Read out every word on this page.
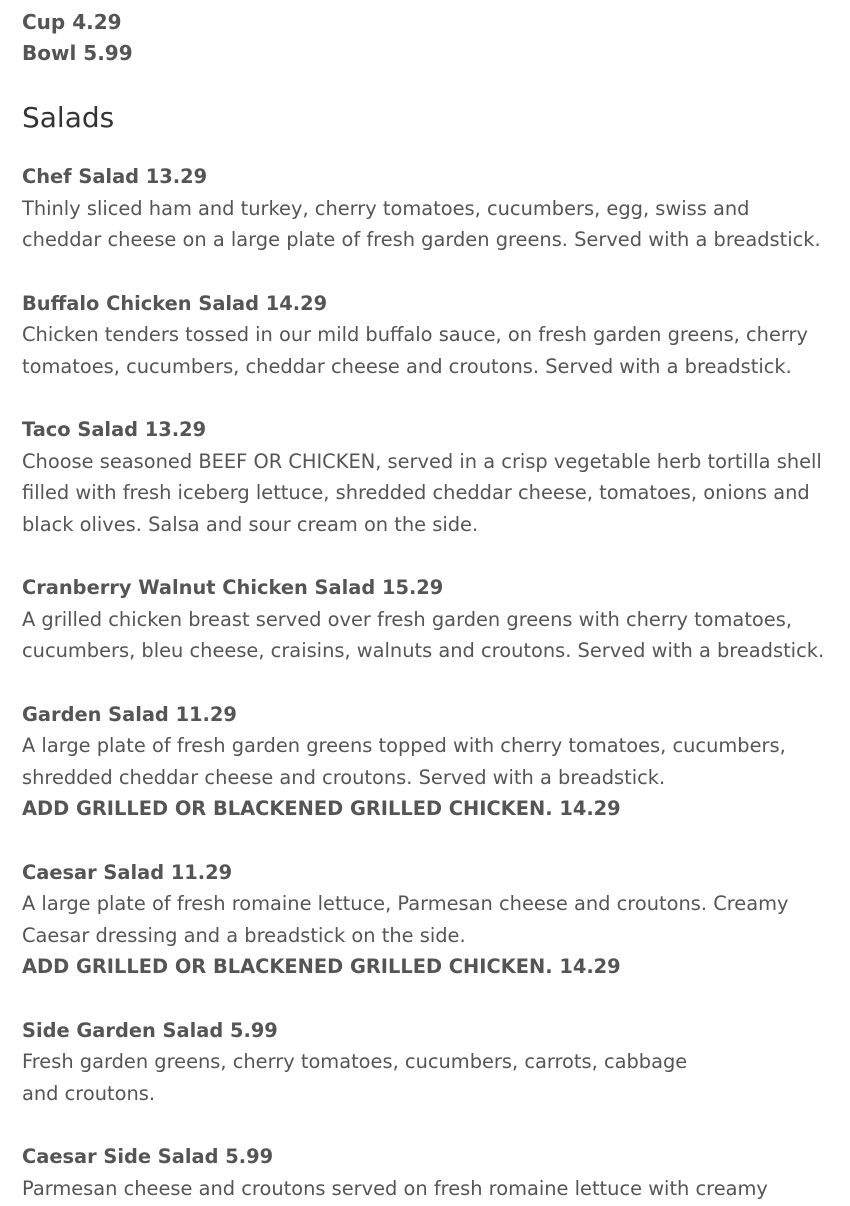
Cup 4.29
Bowl 5.99
Salads
Chef Salad 13.29
Thinly sliced ham and turkey, cherry tomatoes, cucumbers, egg, swiss and cheddar cheese on a large plate of fresh garden greens. Served with a breadstick.
Buffalo Chicken Salad 14.29
Chicken tenders tossed in our mild buffalo sauce, on fresh garden greens, cherry tomatoes, cucumbers, cheddar cheese and croutons. Served with a breadstick.
Taco Salad 13.29
Choose seasoned BEEF OR CHICKEN, served in a crisp vegetable herb tortilla shell filled with fresh iceberg lettuce, shredded cheddar cheese, tomatoes, onions and black olives. Salsa and sour cream on the side.
Cranberry Walnut Chicken Salad 15.29
A grilled chicken breast served over fresh garden greens with cherry tomatoes, cucumbers, bleu cheese, craisins, walnuts and croutons. Served with a breadstick.
Garden Salad 11.29
A large plate of fresh garden greens topped with cherry tomatoes, cucumbers, shredded cheddar cheese and croutons. Served with a breadstick.
ADD GRILLED OR BLACKENED GRILLED CHICKEN. 14.29
Caesar Salad 11.29
A large plate of fresh romaine lettuce, Parmesan cheese and croutons. Creamy Caesar dressing and a breadstick on the side.
ADD GRILLED OR BLACKENED GRILLED CHICKEN. 14.29
Side Garden Salad 5.99
Fresh garden greens, cherry tomatoes, cucumbers, carrots, cabbage and croutons.
Caesar Side Salad 5.99
Parmesan cheese and croutons served on fresh romaine lettuce with creamy
